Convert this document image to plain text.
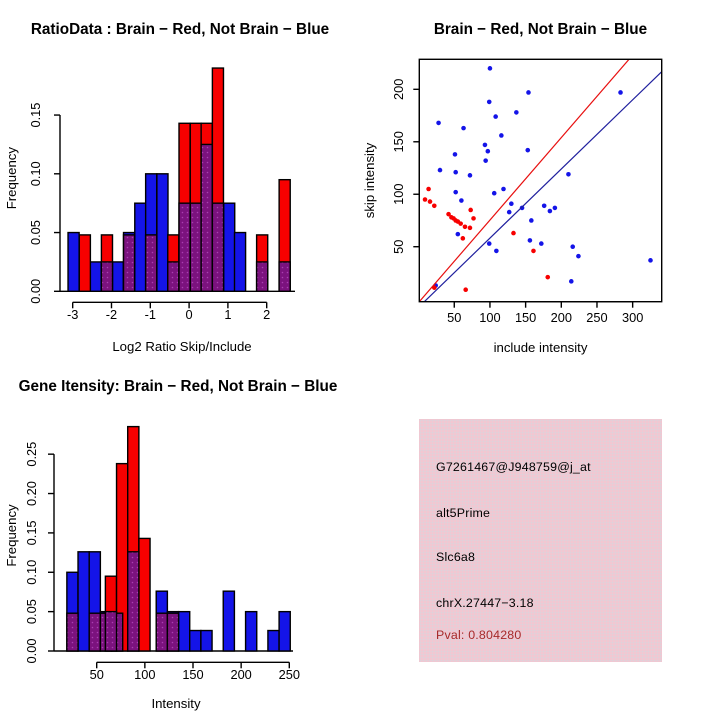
0.00
0.05
0.10
0.15
-3 -2 -1 0 1 2
RatioData : Brain − Red, Not Brain − Blue
Log2 Ratio Skip/Include
Frequency
50
100
150
200
50 100 150 200 250 300
Brain − Red, Not Brain − Blue
include intensity
skip intensity
0.00
0.05
0.10
0.15
0.20
0.25
50 100 150 200 250
Gene Itensity: Brain − Red, Not Brain − Blue
Intensity
Frequency
G7261467@J948759@j_at
alt5Prime
Slc6a8
chrX.27447−3.18
Pval: 0.804280
